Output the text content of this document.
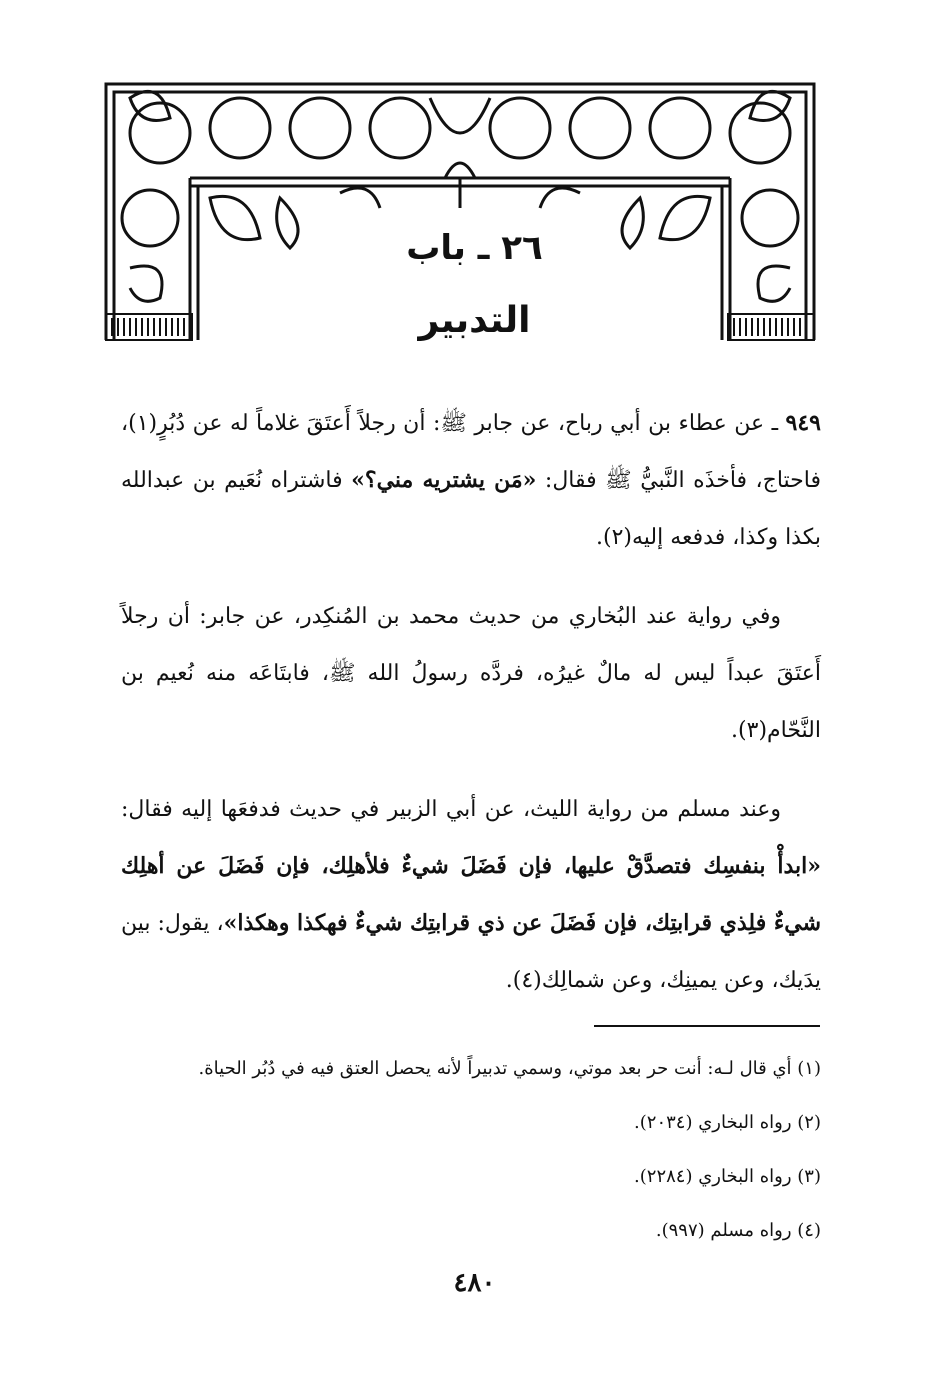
٢٦ ـ باب
التدبير

٩٤٩ ـ عن عطاء بن أبي رباح، عن جابر ﷺ: أن رجلاً أَعتَقَ غلاماً له عن دُبُرٍ(١)، فاحتاج، فأخذَه النَّبيُّ ﷺ فقال: «مَن يشتريه مني؟» فاشتراه نُعَيم بن عبدالله بكذا وكذا، فدفعه إليه(٢).

وفي رواية عند البُخاري من حديث محمد بن المُنكِدر، عن جابر: أن رجلاً أَعتَقَ عبداً ليس له مالٌ غيرُه، فردَّه رسولُ الله ﷺ، فابتَاعَه منه نُعيم بن النَّحّام(٣).

وعند مسلم من رواية الليث، عن أبي الزبير في حديث فدفعَها إليه فقال: «ابدأْ بنفسِك فتصدَّقْ عليها، فإن فَضَلَ شيءٌ فلأهلِك، فإن فَضَلَ عن أهلِك شيءٌ فلِذي قرابتِك، فإن فَضَلَ عن ذي قرابتِك شيءٌ فهكذا وهكذا»، يقول: بين يدَيك، وعن يمينِك، وعن شمالِك(٤).

(١) أي قال لـه: أنت حر بعد موتي، وسمي تدبيراً لأنه يحصل العتق فيه في دُبُر الحياة.
(٢) رواه البخاري (٢٠٣٤).
(٣) رواه البخاري (٢٢٨٤).
(٤) رواه مسلم (٩٩٧).
٤٨٠
